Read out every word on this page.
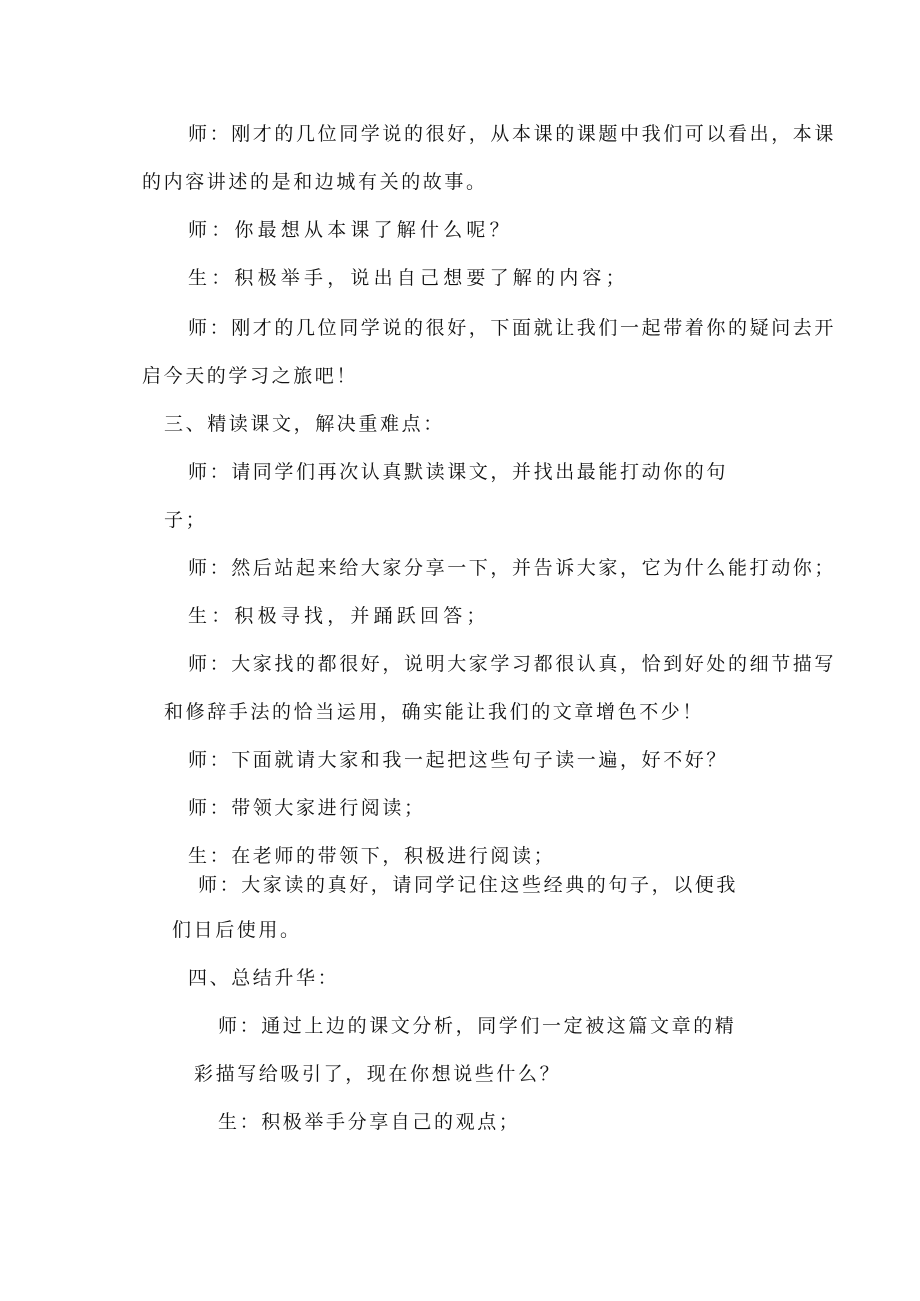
师：刚才的几位同学说的很好，从本课的课题中我们可以看出，本课
的内容讲述的是和边城有关的故事。
师：你最想从本课了解什么呢？
生：积极举手，说出自己想要了解的内容；
师：刚才的几位同学说的很好，下面就让我们一起带着你的疑问去开
启今天的学习之旅吧！
三、精读课文，解决重难点：
师：请同学们再次认真默读课文，并找出最能打动你的句
子；
师：然后站起来给大家分享一下，并告诉大家，它为什么能打动你；
生：积极寻找，并踊跃回答；
师：大家找的都很好，说明大家学习都很认真，恰到好处的细节描写
和修辞手法的恰当运用，确实能让我们的文章增色不少！
师：下面就请大家和我一起把这些句子读一遍，好不好？
师：带领大家进行阅读；
生：在老师的带领下，积极进行阅读；
师：大家读的真好，请同学记住这些经典的句子，以便我
们日后使用。
四、总结升华：
师：通过上边的课文分析，同学们一定被这篇文章的精
彩描写给吸引了，现在你想说些什么？
生：积极举手分享自己的观点；
